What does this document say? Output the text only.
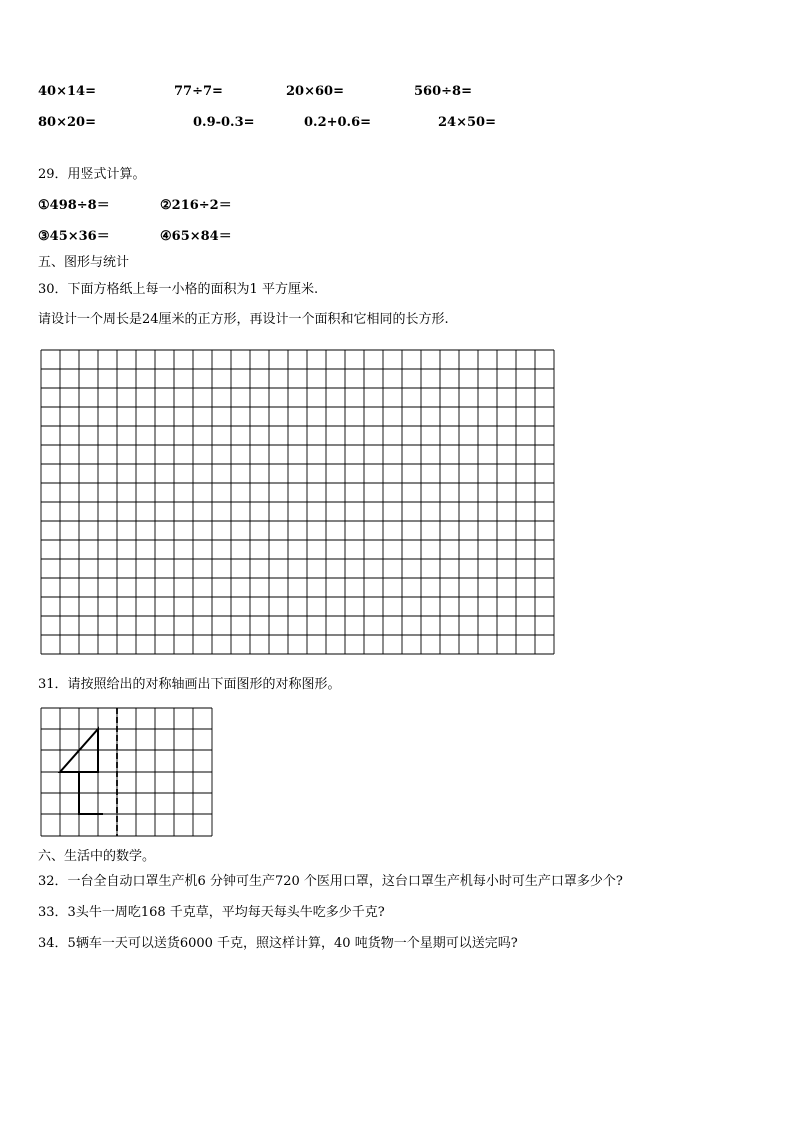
40×14=	77÷7=	20×60=	560÷8=
80×20=	0.9-0.3=	0.2+0.6=	24×50=
29．用竖式计算。
①498÷8＝	②216÷2＝
③45×36＝	④65×84＝
五、图形与统计
30．下面方格纸上每一小格的面积为1 平方厘米.
请设计一个周长是24厘米的正方形，再设计一个面积和它相同的长方形.
31．请按照给出的对称轴画出下面图形的对称图形。
六、生活中的数学。
32．一台全自动口罩生产机6 分钟可生产720 个医用口罩，这台口罩生产机每小时可生产口罩多少个?
33．3头牛一周吃168 千克草，平均每天每头牛吃多少千克?
34．5辆车一天可以送货6000 千克，照这样计算，40 吨货物一个星期可以送完吗?
